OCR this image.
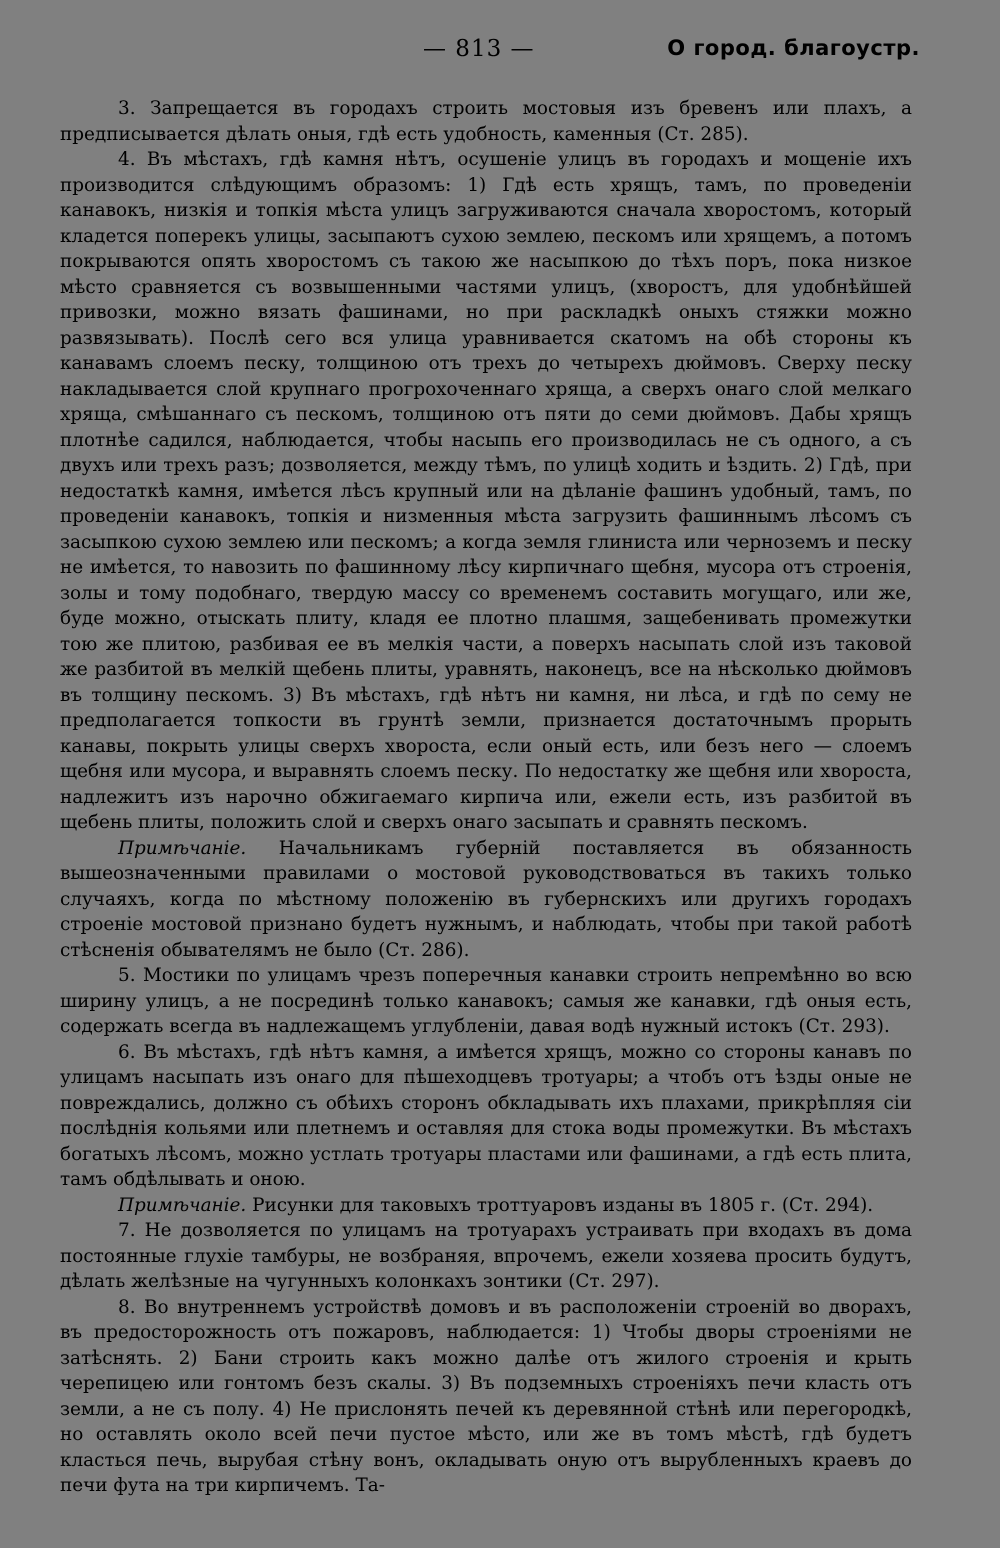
— 813 —	О город. благоустр.

3. Запрещается въ городахъ строить мостовыя изъ бревенъ или плахъ, а предписывается дѣлать оныя, гдѣ есть удобность, каменныя (Ст. 285).

4. Въ мѣстахъ, гдѣ камня нѣтъ, осушеніе улицъ въ городахъ и мощеніе ихъ производится слѣдующимъ образомъ: 1) Гдѣ есть хрящъ, тамъ, по проведеніи канавокъ, низкія и топкія мѣста улицъ загруживаются сначала хворостомъ, который кладется поперекъ улицы, засыпаютъ сухою землею, пескомъ или хрящемъ, а потомъ покрываются опять хворостомъ съ такою же насыпкою до тѣхъ поръ, пока низкое мѣсто сравняется съ возвышенными частями улицъ, (хворостъ, для удобнѣйшей привозки, можно вязать фашинами, но при раскладкѣ оныхъ стяжки можно развязывать). Послѣ сего вся улица уравнивается скатомъ на обѣ стороны къ канавамъ слоемъ песку, толщиною отъ трехъ до четырехъ дюймовъ. Сверху песку накладывается слой крупнаго прогрохоченнаго хряща, а сверхъ онаго слой мелкаго хряща, смѣшаннаго съ пескомъ, толщиною отъ пяти до семи дюймовъ. Дабы хрящъ плотнѣе садился, наблюдается, чтобы насыпь его производилась не съ одного, а съ двухъ или трехъ разъ; дозволяется, между тѣмъ, по улицѣ ходить и ѣздить. 2) Гдѣ, при недостаткѣ камня, имѣется лѣсъ крупный или на дѣланіе фашинъ удобный, тамъ, по проведеніи канавокъ, топкія и низменныя мѣста загрузить фашиннымъ лѣсомъ съ засыпкою сухою землею или пескомъ; а когда земля глиниста или черноземъ и песку не имѣется, то навозить по фашинному лѣсу кирпичнаго щебня, мусора отъ строенія, золы и тому подобнаго, твердую массу со временемъ составить могущаго, или же, буде можно, отыскать плиту, кладя ее плотно плашмя, защебенивать промежутки тою же плитою, разбивая ее въ мелкія части, а поверхъ насыпать слой изъ таковой же разбитой въ мелкій щебень плиты, уравнять, наконецъ, все на нѣсколько дюймовъ въ толщину пескомъ. 3) Въ мѣстахъ, гдѣ нѣтъ ни камня, ни лѣса, и гдѣ по сему не предполагается топкости въ грунтѣ земли, признается достаточнымъ прорыть канавы, покрыть улицы сверхъ хвороста, если оный есть, или безъ него — слоемъ щебня или мусора, и выравнять слоемъ песку. По недостатку же щебня или хвороста, надлежитъ изъ нарочно обжигаемаго кирпича или, ежели есть, изъ разбитой въ щебень плиты, положить слой и сверхъ онаго засыпать и сравнять пескомъ.

Примѣчаніе. Начальникамъ губерній поставляется въ обязанность вышеозначенными правилами о мостовой руководствоваться въ такихъ только случаяхъ, когда по мѣстному положенію въ губернскихъ или другихъ городахъ строеніе мостовой признано будетъ нужнымъ, и наблюдать, чтобы при такой работѣ стѣсненія обывателямъ не было (Ст. 286).

5. Мостики по улицамъ чрезъ поперечныя канавки строить непремѣнно во всю ширину улицъ, а не посрединѣ только канавокъ; самыя же канавки, гдѣ оныя есть, содержать всегда въ надлежащемъ углубленіи, давая водѣ нужный истокъ (Ст. 293).

6. Въ мѣстахъ, гдѣ нѣтъ камня, а имѣется хрящъ, можно со стороны канавъ по улицамъ насыпать изъ онаго для пѣшеходцевъ тротуары; а чтобъ отъ ѣзды оные не повреждались, должно съ обѣихъ сторонъ обкладывать ихъ плахами, прикрѣпляя сіи послѣднія кольями или плетнемъ и оставляя для стока воды промежутки. Въ мѣстахъ богатыхъ лѣсомъ, можно устлать тротуары пластами или фашинами, а гдѣ есть плита, тамъ обдѣлывать и оною.

Примѣчаніе. Рисунки для таковыхъ троттуаровъ изданы въ 1805 г. (Ст. 294).

7. Не дозволяется по улицамъ на тротуарахъ устраивать при входахъ въ дома постоянные глухіе тамбуры, не возбраняя, впрочемъ, ежели хозяева просить будутъ, дѣлать желѣзные на чугунныхъ колонкахъ зонтики (Ст. 297).

8. Во внутреннемъ устройствѣ домовъ и въ расположеніи строеній во дворахъ, въ предосторожность отъ пожаровъ, наблюдается: 1) Чтобы дворы строеніями не затѣснять. 2) Бани строить какъ можно далѣе отъ жилого строенія и крыть черепицею или гонтомъ безъ скалы. 3) Въ подземныхъ строеніяхъ печи класть отъ земли, а не съ полу. 4) Не прислонять печей къ деревянной стѣнѣ или перегородкѣ, но оставлять около всей печи пустое мѣсто, или же въ томъ мѣстѣ, гдѣ будетъ класться печь, вырубая стѣну вонъ, окладывать оную отъ вырубленныхъ краевъ до печи фута на три кирпичемъ. Та-
